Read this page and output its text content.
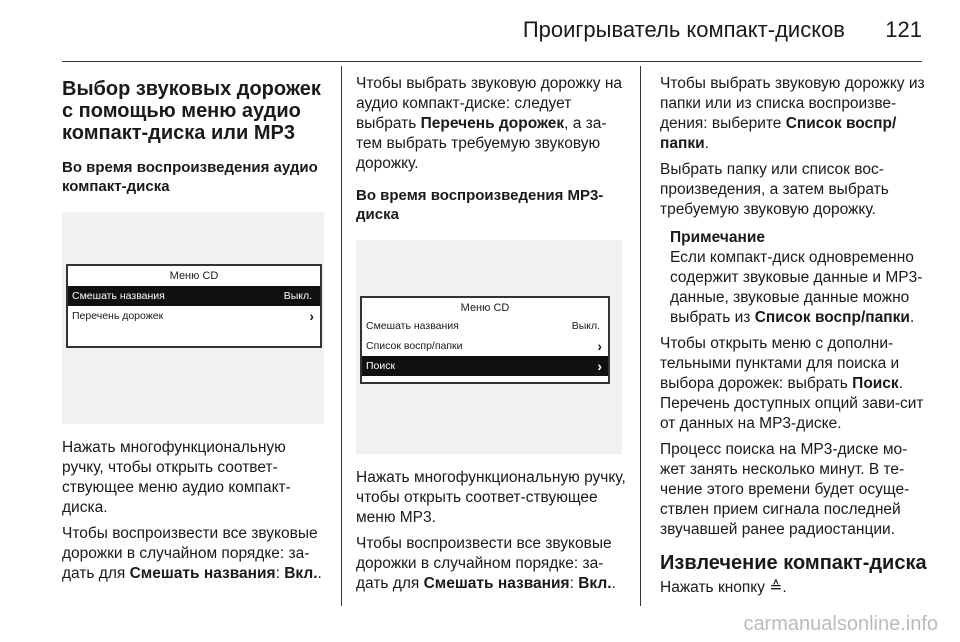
Проигрыватель компакт-дисков 121
Выбор звуковых дорожек с помощью меню аудио компакт-диска или MP3
Во время воспроизведения аудио компакт-диска
Меню CD
Смешать названия	Выкл.
Перечень дорожек	›

Нажать многофункциональную ручку, чтобы открыть соответ-ствующее меню аудио компакт-диска.

Чтобы воспроизвести все звуковые дорожки в случайном порядке: за-дать для Смешать названия: Вкл..

Чтобы выбрать звуковую дорожку на аудио компакт-диске: следует выбрать Перечень дорожек, а за-тем выбрать требуемую звуковую дорожку.

Во время воспроизведения MP3-диска
Меню CD
Смешать названия	Выкл.
Список воспр/папки	›
Поиск	›

Нажать многофункциональную ручку, чтобы открыть соответ-ствующее меню MP3.

Чтобы воспроизвести все звуковые дорожки в случайном порядке: за-дать для Смешать названия: Вкл..

Чтобы выбрать звуковую дорожку из папки или из списка воспроизве-дения: выберите Список воспр/папки.

Выбрать папку или список вос-произведения, а затем выбрать требуемую звуковую дорожку.

Примечание

Если компакт-диск одновременно содержит звуковые данные и MP3-данные, звуковые данные можно выбрать из Список воспр/папки.

Чтобы открыть меню с дополни-тельными пунктами для поиска и выбора дорожек: выбрать Поиск. Перечень доступных опций зави-сит от данных на MP3-диске.

Процесс поиска на MP3-диске мо-жет занять несколько минут. В те-чение этого времени будет осуще-ствлен прием сигнала последней звучавшей ранее радиостанции.

Извлечение компакт-диска

Нажать кнопку ≙.

carmanualsonline.info
